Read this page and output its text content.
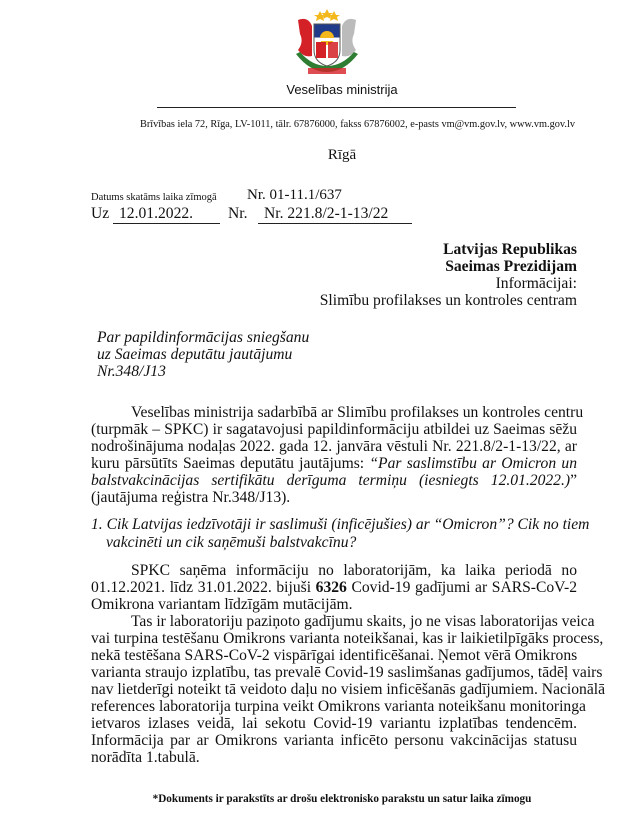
Veselības ministrija
Brīvības iela 72, Rīga, LV-1011, tālr. 67876000, fakss 67876002, e-pasts vm@vm.gov.lv, www.vm.gov.lv
Rīgā
Datums skatāms laika zīmogā Nr. 01-11.1/637
Uz 12.01.2022. Nr. Nr. 221.8/2-1-13/22
Latvijas Republikas
Saeimas Prezidijam
Informācijai:
Slimību profilakses un kontroles centram
Par papildinformācijas sniegšanu
uz Saeimas deputātu jautājumu
Nr.348/J13
Veselības ministrija sadarbībā ar Slimību profilakses un kontroles centru
(turpmāk – SPKC) ir sagatavojusi papildinformāciju atbildei uz Saeimas sēžu
nodrošinājuma nodaļas 2022. gada 12. janvāra vēstuli Nr. 221.8/2-1-13/22, ar
kuru pārsūtīts Saeimas deputātu jautājums: “Par saslimstību ar Omicron un
balstvakcinācijas sertifikātu derīguma termiņu (iesniegts 12.01.2022.)”
(jautājuma reģistra Nr.348/J13).
1. Cik Latvijas iedzīvotāji ir saslimuši (inficējušies) ar “Omicron”? Cik no tiem
vakcinēti un cik saņēmuši balstvakcīnu?
SPKC saņēma informāciju no laboratorijām, ka laika periodā no
01.12.2021. līdz 31.01.2022. bijuši 6326 Covid-19 gadījumi ar SARS-CoV-2
Omikrona variantam līdzīgām mutācijām.
Tas ir laboratoriju paziņoto gadījumu skaits, jo ne visas laboratorijas veica
vai turpina testēšanu Omikrons varianta noteikšanai, kas ir laikietilpīgāks process,
nekā testēšana SARS-CoV-2 vispārīgai identificēšanai. Ņemot vērā Omikrons
varianta straujo izplatību, tas prevalē Covid-19 saslimšanas gadījumos, tādēļ vairs
nav lietderīgi noteikt tā veidoto daļu no visiem inficēšanās gadījumiem. Nacionālā
references laboratorija turpina veikt Omikrons varianta noteikšanu monitoringa
ietvaros izlases veidā, lai sekotu Covid-19 variantu izplatības tendencēm.
Informācija par ar Omikrons varianta inficēto personu vakcinācijas statusu
norādīta 1.tabulā.
*Dokuments ir parakstīts ar drošu elektronisko parakstu un satur laika zīmogu
